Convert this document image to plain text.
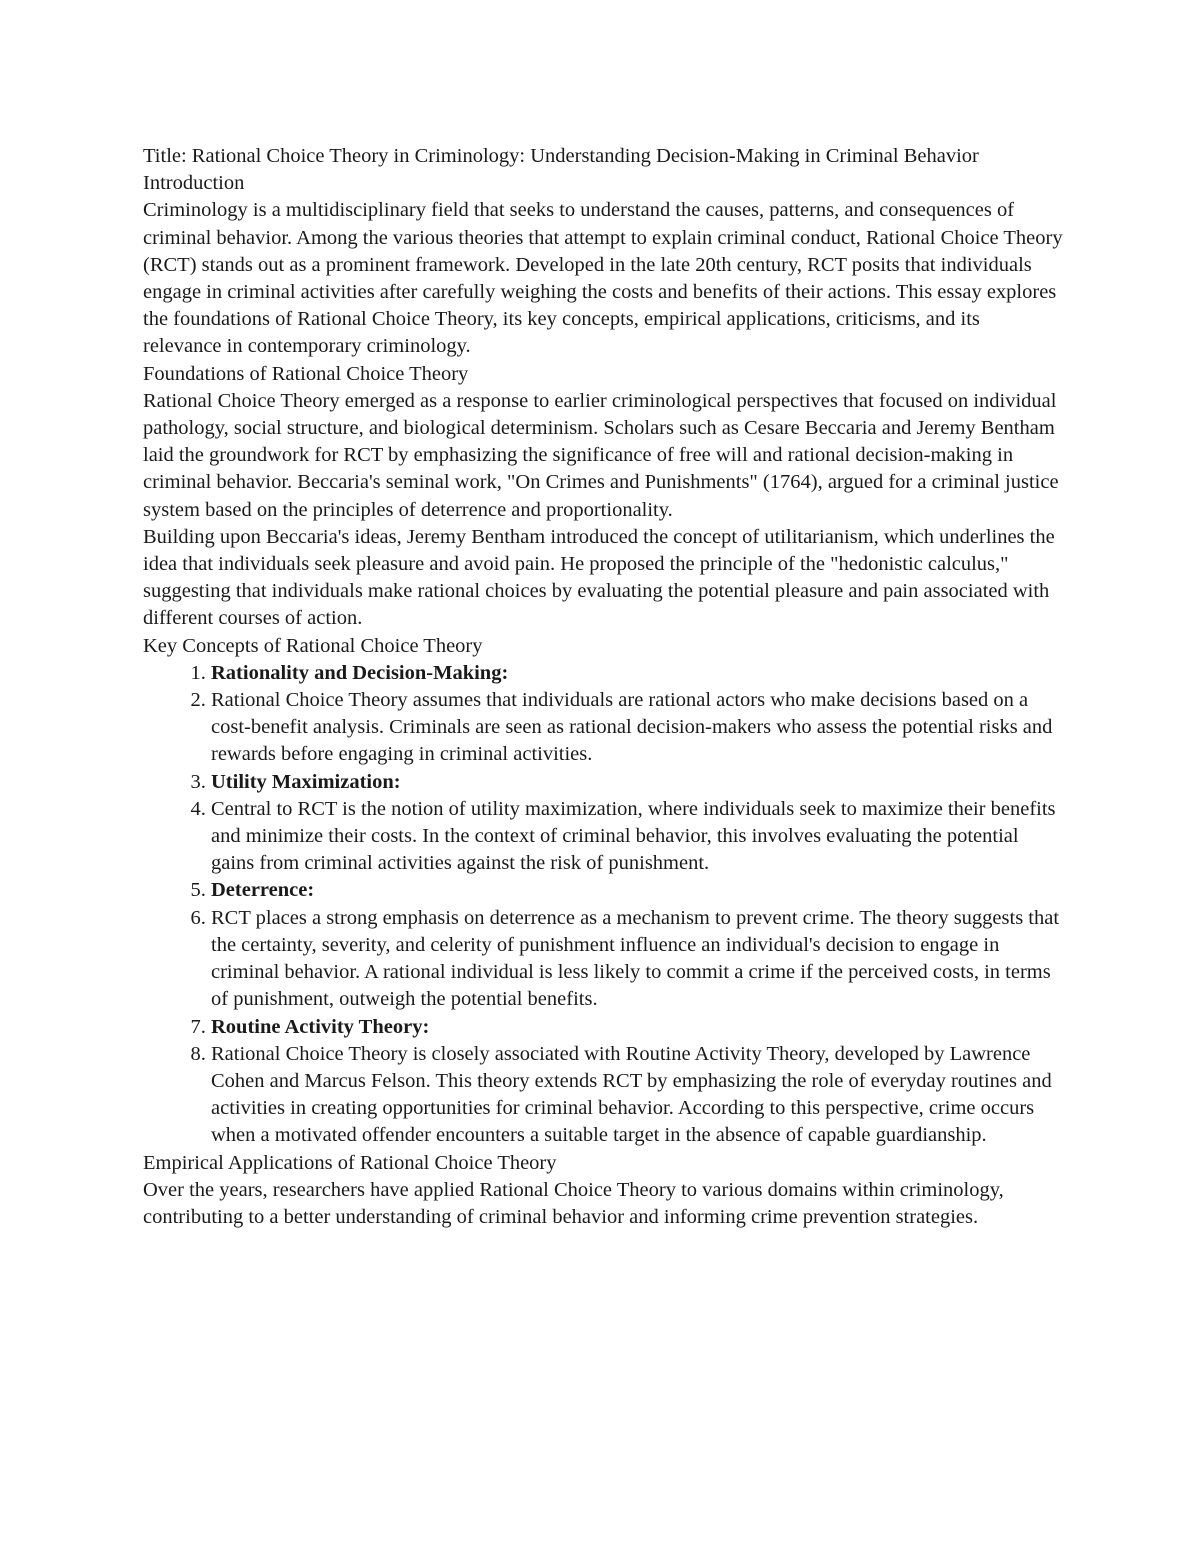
Title: Rational Choice Theory in Criminology: Understanding Decision-Making in Criminal Behavior

Introduction

Criminology is a multidisciplinary field that seeks to understand the causes, patterns, and consequences of criminal behavior. Among the various theories that attempt to explain criminal conduct, Rational Choice Theory (RCT) stands out as a prominent framework. Developed in the late 20th century, RCT posits that individuals engage in criminal activities after carefully weighing the costs and benefits of their actions. This essay explores the foundations of Rational Choice Theory, its key concepts, empirical applications, criticisms, and its relevance in contemporary criminology.

Foundations of Rational Choice Theory

Rational Choice Theory emerged as a response to earlier criminological perspectives that focused on individual pathology, social structure, and biological determinism. Scholars such as Cesare Beccaria and Jeremy Bentham laid the groundwork for RCT by emphasizing the significance of free will and rational decision-making in criminal behavior. Beccaria's seminal work, "On Crimes and Punishments" (1764), argued for a criminal justice system based on the principles of deterrence and proportionality.

Building upon Beccaria's ideas, Jeremy Bentham introduced the concept of utilitarianism, which underlines the idea that individuals seek pleasure and avoid pain. He proposed the principle of the "hedonistic calculus," suggesting that individuals make rational choices by evaluating the potential pleasure and pain associated with different courses of action.

Key Concepts of Rational Choice Theory

1. Rationality and Decision-Making:
2. Rational Choice Theory assumes that individuals are rational actors who make decisions based on a cost-benefit analysis. Criminals are seen as rational decision-makers who assess the potential risks and rewards before engaging in criminal activities.
3. Utility Maximization:
4. Central to RCT is the notion of utility maximization, where individuals seek to maximize their benefits and minimize their costs. In the context of criminal behavior, this involves evaluating the potential gains from criminal activities against the risk of punishment.
5. Deterrence:
6. RCT places a strong emphasis on deterrence as a mechanism to prevent crime. The theory suggests that the certainty, severity, and celerity of punishment influence an individual's decision to engage in criminal behavior. A rational individual is less likely to commit a crime if the perceived costs, in terms of punishment, outweigh the potential benefits.
7. Routine Activity Theory:
8. Rational Choice Theory is closely associated with Routine Activity Theory, developed by Lawrence Cohen and Marcus Felson. This theory extends RCT by emphasizing the role of everyday routines and activities in creating opportunities for criminal behavior. According to this perspective, crime occurs when a motivated offender encounters a suitable target in the absence of capable guardianship.

Empirical Applications of Rational Choice Theory

Over the years, researchers have applied Rational Choice Theory to various domains within criminology, contributing to a better understanding of criminal behavior and informing crime prevention strategies.
